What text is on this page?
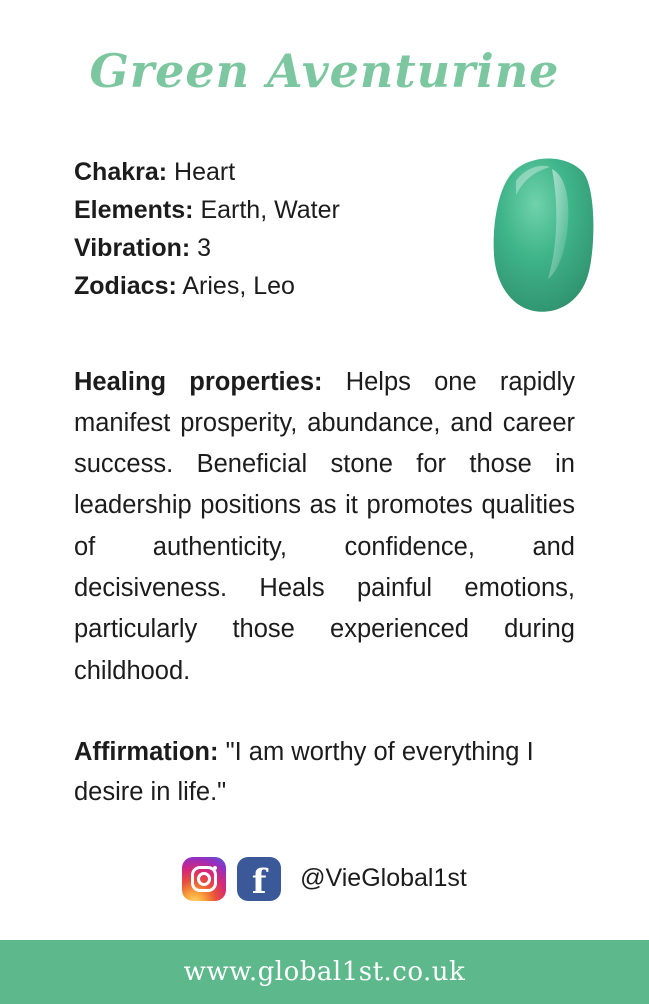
Green Aventurine
Chakra: Heart
Elements: Earth, Water
Vibration: 3
Zodiacs: Aries, Leo
Healing properties: Helps one rapidly manifest prosperity, abundance, and career success. Beneficial stone for those in leadership positions as it promotes qualities of authenticity, confidence, and decisiveness. Heals painful emotions, particularly those experienced during childhood.
Affirmation: "I am worthy of everything I desire in life."
f	@VieGlobal1st
www.global1st.co.uk
